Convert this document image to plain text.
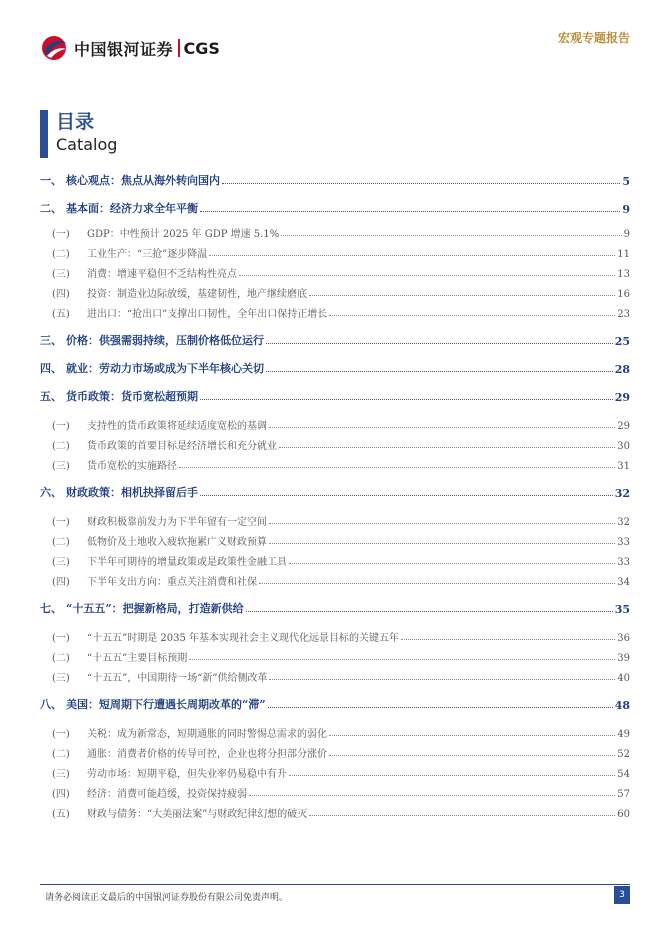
中国银河证券 CGS
宏观专题报告
目录
Catalog
一、 核心观点：焦点从海外转向国内	5
二、 基本面：经济力求全年平衡	9
(一)	GDP：中性预计 2025 年 GDP 增速 5.1%	9
(二)	工业生产：“三抢”逐步降温	11
(三)	消费：增速平稳但不乏结构性亮点	13
(四)	投资：制造业边际放缓，基建韧性，地产继续磨底	16
(五)	进出口：“抢出口”支撑出口韧性，全年出口保持正增长	23
三、 价格：供强需弱持续，压制价格低位运行	25
四、 就业：劳动力市场或成为下半年核心关切	28
五、 货币政策：货币宽松超预期	29
(一)	支持性的货币政策将延续适度宽松的基调	29
(二)	货币政策的首要目标是经济增长和充分就业	30
(三)	货币宽松的实施路径	31
六、 财政政策：相机抉择留后手	32
(一)	财政积极靠前发力为下半年留有一定空间	32
(二)	低物价及土地收入疲软拖累广义财政预算	33
(三)	下半年可期待的增量政策或是政策性金融工具	33
(四)	下半年支出方向：重点关注消费和社保	34
七、 “十五五”：把握新格局，打造新供给	35
(一)	“十五五”时期是 2035 年基本实现社会主义现代化远景目标的关键五年	36
(二)	“十五五”主要目标预期	39
(三)	“十五五”，中国期待一场“新”供给侧改革	40
八、 美国：短周期下行遭遇长周期改革的“滞”	48
(一)	关税：成为新常态，短期通胀的同时警惕总需求的弱化	49
(二)	通胀：消费者价格的传导可控，企业也将分担部分涨价	52
(三)	劳动市场：短期平稳，但失业率仍易稳中有升	54
(四)	经济：消费可能趋缓，投资保持疲弱	57
(五)	财政与债务：“大美丽法案”与财政纪律幻想的破灭	60
请务必阅读正文最后的中国银河证券股份有限公司免责声明。	3
